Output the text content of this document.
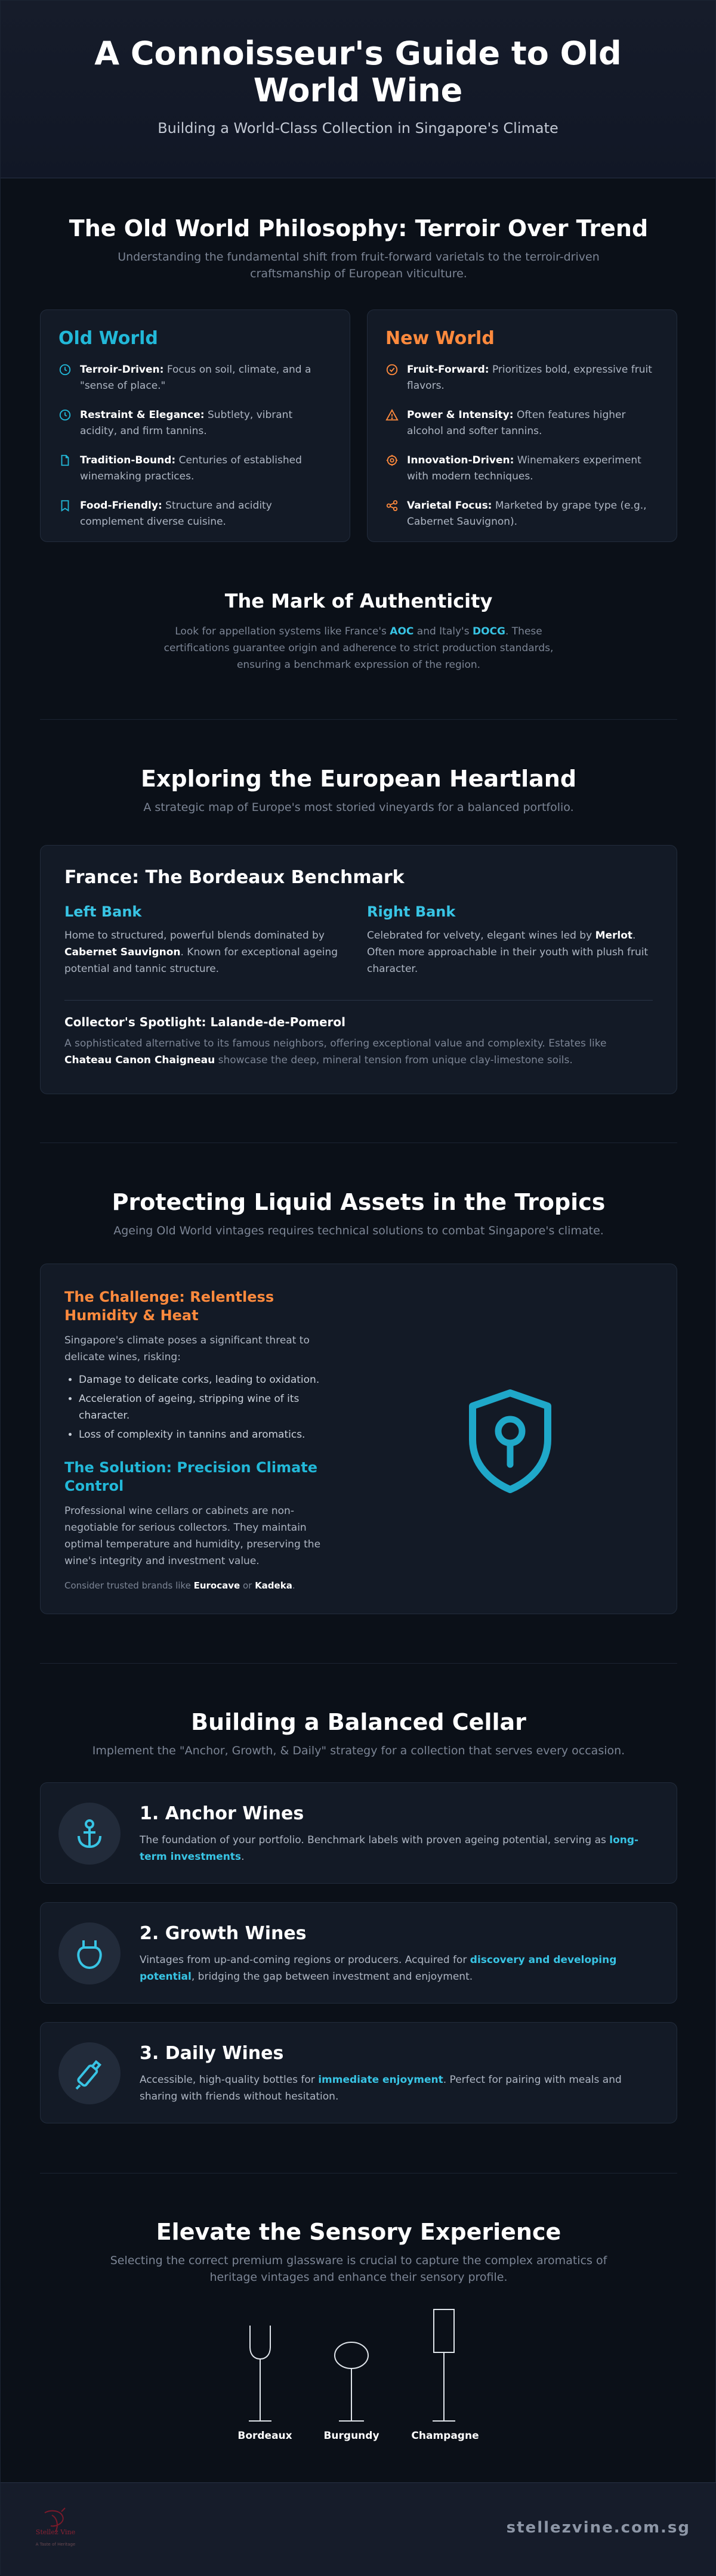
A Connoisseur's Guide to Old World Wine

Building a World-Class Collection in Singapore's Climate

The Old World Philosophy: Terroir Over Trend
Understanding the fundamental shift from fruit-forward varietals to the terroir-driven craftsmanship of European viticulture.
Old World
Terroir-Driven: Focus on soil, climate, and a "sense of place."
Restraint & Elegance: Subtlety, vibrant acidity, and firm tannins.
Tradition-Bound: Centuries of established winemaking practices.
Food-Friendly: Structure and acidity complement diverse cuisine.
New World
Fruit-Forward: Prioritizes bold, expressive fruit flavors.
Power & Intensity: Often features higher alcohol and softer tannins.
Innovation-Driven: Winemakers experiment with modern techniques.
Varietal Focus: Marketed by grape type (e.g., Cabernet Sauvignon).
The Mark of Authenticity
Look for appellation systems like France's AOC and Italy's DOCG. These certifications guarantee origin and adherence to strict production standards, ensuring a benchmark expression of the region.
Exploring the European Heartland
A strategic map of Europe's most storied vineyards for a balanced portfolio.
France: The Bordeaux Benchmark
Left Bank
Home to structured, powerful blends dominated by Cabernet Sauvignon. Known for exceptional ageing potential and tannic structure.
Right Bank
Celebrated for velvety, elegant wines led by Merlot. Often more approachable in their youth with plush fruit character.
Collector's Spotlight: Lalande-de-Pomerol
A sophisticated alternative to its famous neighbors, offering exceptional value and complexity. Estates like Chateau Canon Chaigneau showcase the deep, mineral tension from unique clay-limestone soils.
Protecting Liquid Assets in the Tropics
Ageing Old World vintages requires technical solutions to combat Singapore's climate.
The Challenge: Relentless Humidity & Heat
Singapore's climate poses a significant threat to delicate wines, risking:
• Damage to delicate corks, leading to oxidation.
• Acceleration of ageing, stripping wine of its character.
• Loss of complexity in tannins and aromatics.
The Solution: Precision Climate Control
Professional wine cellars or cabinets are non-negotiable for serious collectors. They maintain optimal temperature and humidity, preserving the wine's integrity and investment value.
Consider trusted brands like Eurocave or Kadeka.
Building a Balanced Cellar
Implement the "Anchor, Growth, & Daily" strategy for a collection that serves every occasion.
1. Anchor Wines
The foundation of your portfolio. Benchmark labels with proven ageing potential, serving as long-term investments.
2. Growth Wines
Vintages from up-and-coming regions or producers. Acquired for discovery and developing potential, bridging the gap between investment and enjoyment.
3. Daily Wines
Accessible, high-quality bottles for immediate enjoyment. Perfect for pairing with meals and sharing with friends without hesitation.
Elevate the Sensory Experience
Selecting the correct premium glassware is crucial to capture the complex aromatics of heritage vintages and enhance their sensory profile.
Bordeaux	Burgundy	Champagne
Stellez Vine
A Taste of Heritage
stellezvine.com.sg
